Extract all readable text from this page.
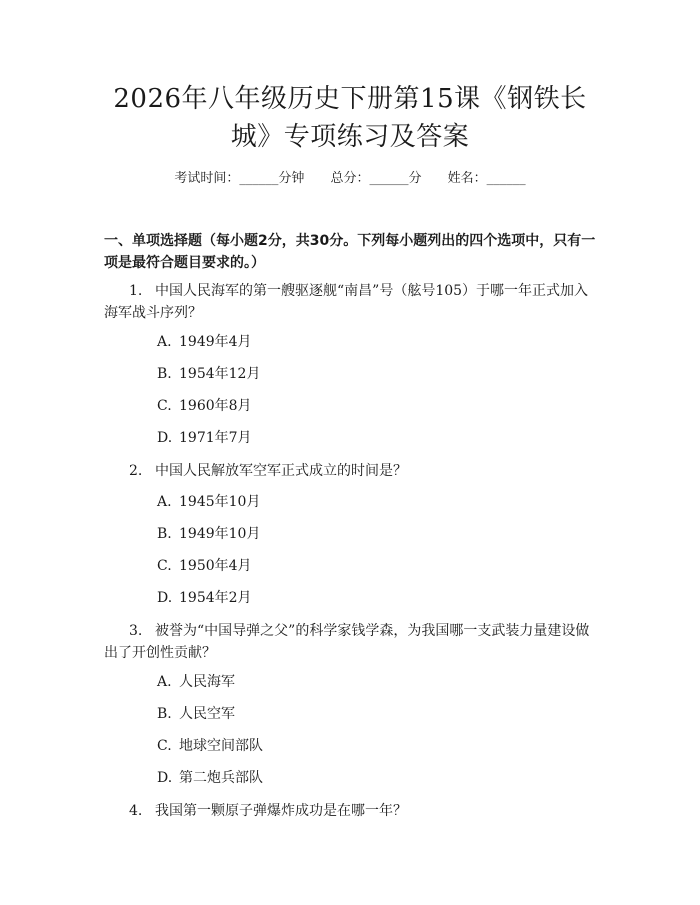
2026年八年级历史下册第15课《钢铁长
城》专项练习及答案
考试时间：______分钟 总分：______分 姓名：______
一、单项选择题（每小题2分，共30分。下列每小题列出的四个选项中，只有一项是最符合题目要求的。）
1. 中国人民海军的第一艘驱逐舰“南昌”号（舷号105）于哪一年正式加入海军战斗序列？
A. 1949年4月
B. 1954年12月
C. 1960年8月
D. 1971年7月
2. 中国人民解放军空军正式成立的时间是？
A. 1945年10月
B. 1949年10月
C. 1950年4月
D. 1954年2月
3. 被誉为“中国导弹之父”的科学家钱学森，为我国哪一支武装力量建设做出了开创性贡献？
A. 人民海军
B. 人民空军
C. 地球空间部队
D. 第二炮兵部队
4. 我国第一颗原子弹爆炸成功是在哪一年？
